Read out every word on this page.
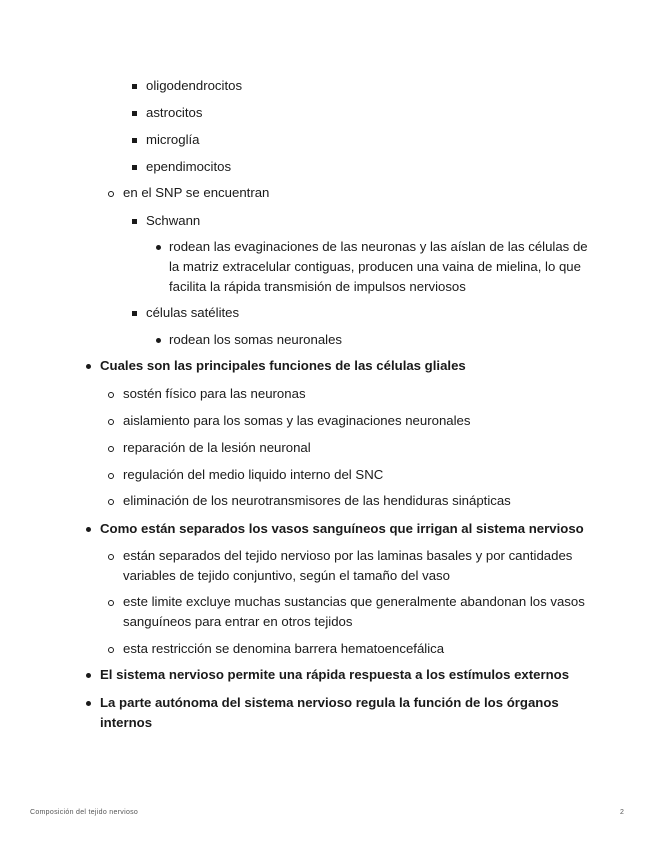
oligodendrocitos
astrocitos
microglía
ependimocitos
en el SNP se encuentran
Schwann
rodean las evaginaciones de las neuronas y las aíslan de las células de la matriz extracelular contiguas, producen una vaina de mielina, lo que facilita la rápida transmisión de impulsos nerviosos
células satélites
rodean los somas neuronales
Cuales son las principales funciones de las células gliales
sostén físico para las neuronas
aislamiento para los somas y las evaginaciones neuronales
reparación de la lesión neuronal
regulación del medio liquido interno del SNC
eliminación de los neurotransmisores de las hendiduras sinápticas
Como están separados los vasos sanguíneos que irrigan al sistema nervioso
están separados del tejido nervioso por las laminas basales y por cantidades variables de tejido conjuntivo, según el tamaño del vaso
este limite excluye muchas sustancias que generalmente abandonan los vasos sanguíneos para entrar en otros tejidos
esta restricción se denomina barrera hematoencefálica
El sistema nervioso permite una rápida respuesta a los estímulos externos
La parte autónoma del sistema nervioso regula la función de los órganos internos
Composición del tejido nervioso	2
